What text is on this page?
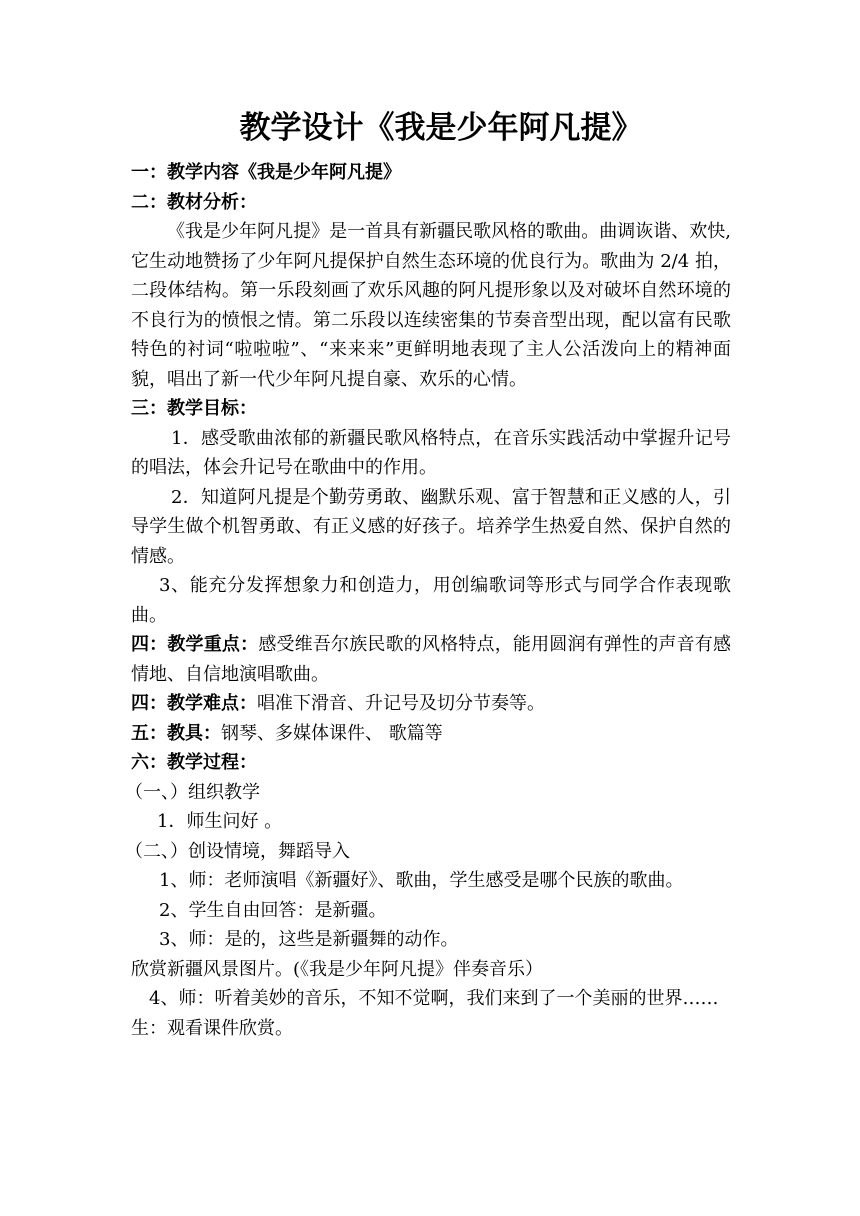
教学设计《我是少年阿凡提》

一：教学内容《我是少年阿凡提》

二：教材分析：

《我是少年阿凡提》是一首具有新疆民歌风格的歌曲。曲调诙谐、欢快,它生动地赞扬了少年阿凡提保护自然生态环境的优良行为。歌曲为 2/4 拍，二段体结构。第一乐段刻画了欢乐风趣的阿凡提形象以及对破坏自然环境的不良行为的愤恨之情。第二乐段以连续密集的节奏音型出现，配以富有民歌特色的衬词“啦啦啦”、“来来来”更鲜明地表现了主人公活泼向上的精神面貌，唱出了新一代少年阿凡提自豪、欢乐的心情。

三：教学目标：

1．感受歌曲浓郁的新疆民歌风格特点，在音乐实践活动中掌握升记号的唱法，体会升记号在歌曲中的作用。

2．知道阿凡提是个勤劳勇敢、幽默乐观、富于智慧和正义感的人，引导学生做个机智勇敢、有正义感的好孩子。培养学生热爱自然、保护自然的情感。

3、能充分发挥想象力和创造力，用创编歌词等形式与同学合作表现歌曲。

四：教学重点：感受维吾尔族民歌的风格特点，能用圆润有弹性的声音有感情地、自信地演唱歌曲。

四：教学难点：唱准下滑音、升记号及切分节奏等。

五：教具：钢琴、多媒体课件、 歌篇等

六：教学过程：

（一、）组织教学

1．师生问好 。

（二、）创设情境，舞蹈导入

1、师：老师演唱《新疆好》、歌曲，学生感受是哪个民族的歌曲。

2、学生自由回答：是新疆。

3、师：是的，这些是新疆舞的动作。

欣赏新疆风景图片。(《我是少年阿凡提》伴奏音乐）

4、师：听着美妙的音乐，不知不觉啊，我们来到了一个美丽的世界……

生：观看课件欣赏。
